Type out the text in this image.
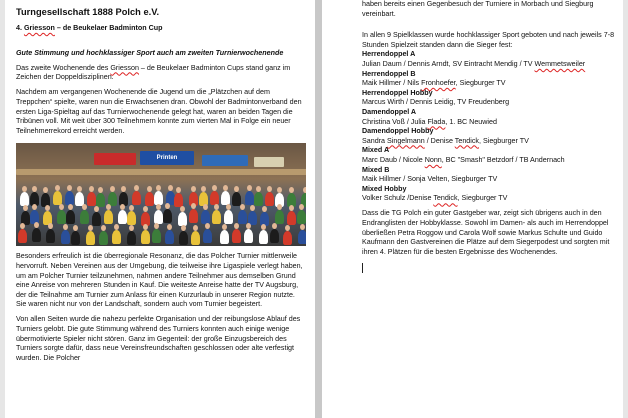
Turngesellschaft 1888 Polch e.V.
4. Griesson – de Beukelaer Badminton Cup
Gute Stimmung und hochklassiger Sport auch am zweiten Turnierwochenende
Das zweite Wochenende des Griesson – de Beukelaer Badminton Cups stand ganz im Zeichen der Doppeldisziplinen.
Nachdem am vergangenen Wochenende die Jugend um die „Plätzchen auf dem Treppchen“ spielte, waren nun die Erwachsenen dran. Obwohl der Badmintonverband den ersten Liga-Spieltag auf das Turnierwochenende gelegt hat, waren an beiden Tagen die Tribünen voll. Mit weit über 300 Teilnehmern konnte zum vierten Mal in Folge ein neuer Teilnehmerrekord erreicht werden.
Printen
Besonders erfreulich ist die überregionale Resonanz, die das Polcher Turnier mittlerweile hervorruft. Neben Vereinen aus der Umgebung, die teilweise ihre Ligaspiele verlegt haben, um am Polcher Turnier teilzunehmen, nahmen andere Teilnehmer aus demselben Grund eine Anreise von mehreren Stunden in Kauf. Die weiteste Anreise hatte der TV Augsburg, der die Teilnahme am Turnier zum Anlass für einen Kurzurlaub in unserer Region nutzte. Sie waren nicht nur von der Landschaft, sondern auch vom Turnier begeistert.
Von allen Seiten wurde die nahezu perfekte Organisation und der reibungslose Ablauf des Turniers gelobt. Die gute Stimmung während des Turniers konnten auch einige wenige übermotivierte Spieler nicht stören. Ganz im Gegenteil: der große Einzugsbereich des Turniers sorgte dafür, dass neue Vereinsfreundschaften geschlossen oder alte verfestigt wurden. Die Polcher
haben bereits einen Gegenbesuch der Turniere in Morbach und Siegburg vereinbart.
In allen 9 Spielklassen wurde hochklassiger Sport geboten und nach jeweils 7-8 Stunden Spielzeit standen dann die Sieger fest:
Herrendoppel A
Julian Daum / Dennis Arndt, SV Eintracht Mendig / TV Wemmetsweiler
Herrendoppel B
Maik Hillmer / Nils Fronhoefer, Siegburger TV
Herrendoppel Hobby
Marcus Wirth / Dennis Leidig, TV Freudenberg
Damendoppel A
Christina Voß / Julia Flada, 1. BC Neuwied
Damendoppel Hobby
Sandra Singelmann / Denise Tendick, Siegburger TV
Mixed A
Marc Daub / Nicole Nonn, BC "Smash" Betzdorf / TB Andernach
Mixed B
Maik Hillmer / Sonja Velten, Siegburger TV
Mixed Hobby
Volker Schulz /Denise Tendick, Siegburger TV
Dass die TG Polch ein guter Gastgeber war, zeigt sich übrigens auch in den Endranglisten der Hobbyklasse. Sowohl im Damen- als auch im Herrendoppel überließen Petra Roggow und Carola Wolf sowie Markus Schulte und Guido Kaufmann den Gastvereinen die Plätze auf dem Siegerpodest und sorgten mit ihren 4. Plätzen für die besten Ergebnisse des Wochenendes.
